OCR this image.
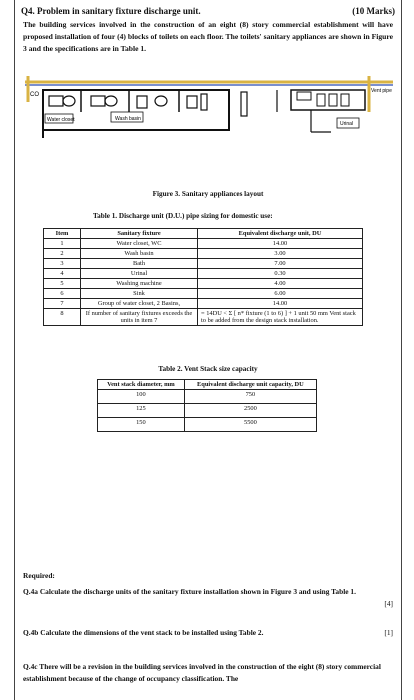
Q4. Problem in sanitary fixture discharge unit.	(10 Marks)
The building services involved in the construction of an eight (8) story commercial establishment will have proposed installation of four (4) blocks of toilets on each floor. The toilets' sanitary appliances are shown in Figure 3 and the specifications are in Table 1.
CO
Water closet	Wash basin
Urinal
Vent pipe
Figure 3. Sanitary appliances layout
Table 1. Discharge unit (D.U.) pipe sizing for domestic use:
Item	Sanitary fixture	Equivalent discharge unit, DU
1	Water closet, WC	14.00
2	Wash basin	3.00
3	Bath	7.00
4	Urinal	0.30
5	Washing machine	4.00
6	Sink	6.00
7	Group of water closet, 2 Basins,	14.00
8	If number of sanitary fixtures exceeds the units in item 7	= 14DU < Σ [ n* fixture (1 to 6) ] + 1 unit 50 mm Vent stack to be added from the design stack installation.
Table 2. Vent Stack size capacity
Vent stack diameter, mm	Equivalent discharge unit capacity, DU
100	750
125	2500
150	5500
Required:
Q.4a Calculate the discharge units of the sanitary fixture installation shown in Figure 3 and using Table 1.
[4]
Q.4b Calculate the dimensions of the vent stack to be installed using Table 2.	[1]
Q.4c There will be a revision in the building services involved in the construction of the eight (8) story commercial establishment because of the change of occupancy classification. The
